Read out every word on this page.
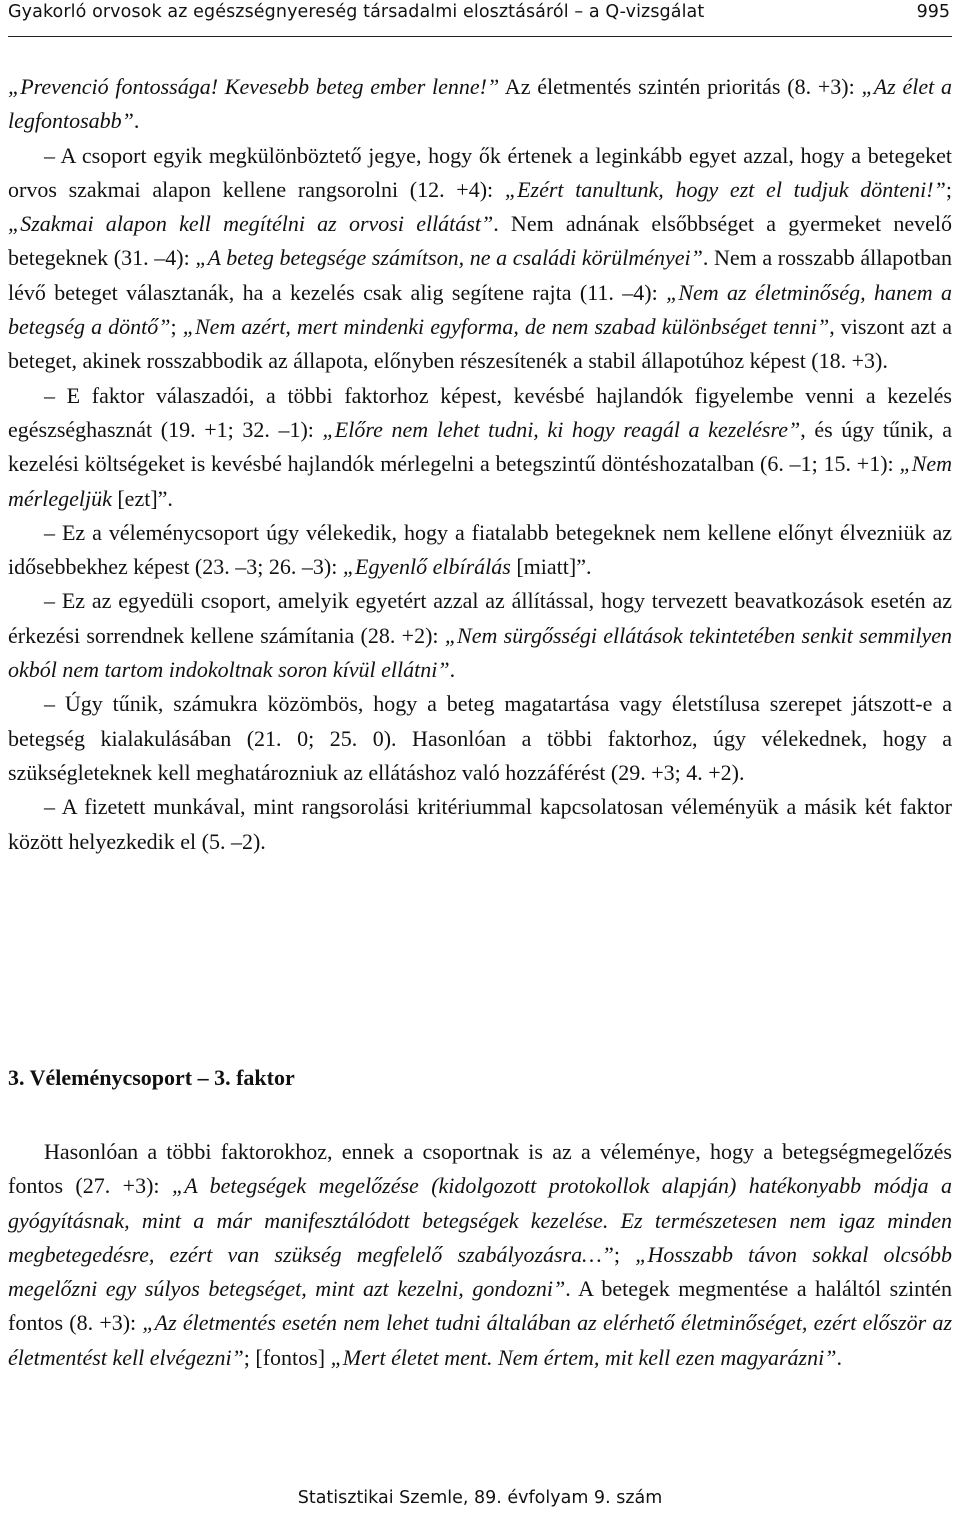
Gyakorló orvosok az egészségnyereség társadalmi elosztásáról – a Q-vizsgálat	995

„Prevenció fontossága! Kevesebb beteg ember lenne!” Az életmentés szintén prioritás (8. +3): „Az élet a legfontosabb”.

– A csoport egyik megkülönböztető jegye, hogy ők értenek a leginkább egyet azzal, hogy a betegeket orvos szakmai alapon kellene rangsorolni (12. +4): „Ezért tanultunk, hogy ezt el tudjuk dönteni!”; „Szakmai alapon kell megítélni az orvosi ellátást”. Nem adnának elsőbbséget a gyermeket nevelő betegeknek (31. –4): „A beteg betegsége számítson, ne a családi körülményei”. Nem a rosszabb állapotban lévő beteget választanák, ha a kezelés csak alig segítene rajta (11. –4): „Nem az életminőség, hanem a betegség a döntő”; „Nem azért, mert mindenki egyforma, de nem szabad különbséget tenni”, viszont azt a beteget, akinek rosszabbodik az állapota, előnyben részesítenék a stabil állapotúhoz képest (18. +3).

– E faktor válaszadói, a többi faktorhoz képest, kevésbé hajlandók figyelembe venni a kezelés egészséghasznát (19. +1; 32. –1): „Előre nem lehet tudni, ki hogy reagál a kezelésre”, és úgy tűnik, a kezelési költségeket is kevésbé hajlandók mérlegelni a betegszintű döntéshozatalban (6. –1; 15. +1): „Nem mérlegeljük [ezt]”.

– Ez a véleménycsoport úgy vélekedik, hogy a fiatalabb betegeknek nem kellene előnyt élvezniük az idősebbekhez képest (23. –3; 26. –3): „Egyenlő elbírálás [miatt]”.

– Ez az egyedüli csoport, amelyik egyetért azzal az állítással, hogy tervezett beavatkozások esetén az érkezési sorrendnek kellene számítania (28. +2): „Nem sürgősségi ellátások tekintetében senkit semmilyen okból nem tartom indokoltnak soron kívül ellátni”.

– Úgy tűnik, számukra közömbös, hogy a beteg magatartása vagy életstílusa szerepet játszott-e a betegség kialakulásában (21. 0; 25. 0). Hasonlóan a többi faktorhoz, úgy vélekednek, hogy a szükségleteknek kell meghatározniuk az ellátáshoz való hozzáférést (29. +3; 4. +2).

– A fizetett munkával, mint rangsorolási kritériummal kapcsolatosan véleményük a másik két faktor között helyezkedik el (5. –2).

3. Véleménycsoport – 3. faktor

Hasonlóan a többi faktorokhoz, ennek a csoportnak is az a véleménye, hogy a betegségmegelőzés fontos (27. +3): „A betegségek megelőzése (kidolgozott protokollok alapján) hatékonyabb módja a gyógyításnak, mint a már manifesztálódott betegségek kezelése. Ez természetesen nem igaz minden megbetegedésre, ezért van szükség megfelelő szabályozásra…”; „Hosszabb távon sokkal olcsóbb megelőzni egy súlyos betegséget, mint azt kezelni, gondozni”. A betegek megmentése a haláltól szintén fontos (8. +3): „Az életmentés esetén nem lehet tudni általában az elérhető életminőséget, ezért először az életmentést kell elvégezni”; [fontos] „Mert életet ment. Nem értem, mit kell ezen magyarázni”.

Statisztikai Szemle, 89. évfolyam 9. szám
